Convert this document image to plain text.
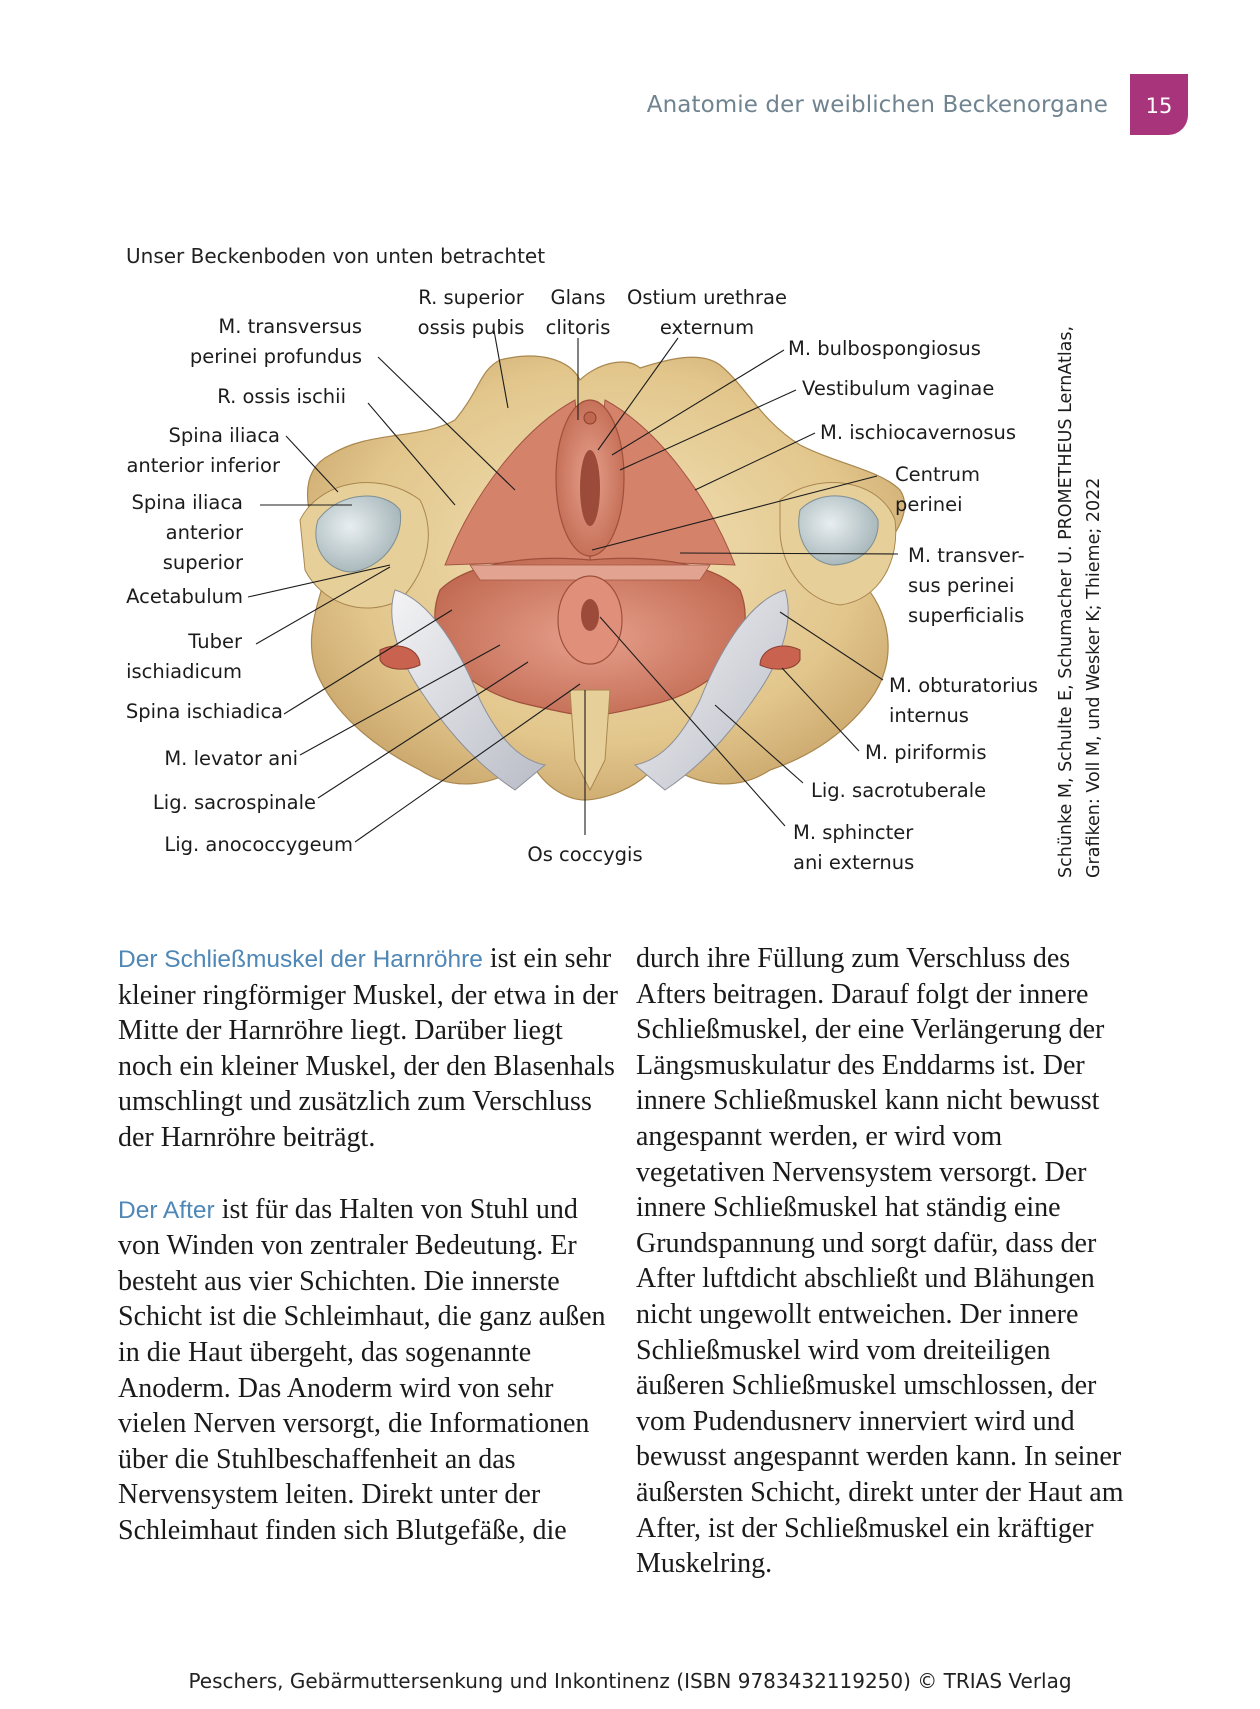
Anatomie der weiblichen Beckenorgane	15
Unser Beckenboden von unten betrachtet
R. superior
ossis pubis
Glans
clitoris
Ostium urethrae
externum
M. transversus
perinei profundus
R. ossis ischii
Spina iliaca
anterior inferior
Spina iliaca
anterior
superior
Acetabulum
Tuber
ischiadicum
Spina ischiadica
M. levator ani
Lig. sacrospinale
Lig. anococcygeum	Os coccygis
M. bulbospongiosus
Vestibulum vaginae
M. ischiocavernosus
Centrum
perinei
M. transver-
sus perinei
superficialis
M. obturatorius
internus
M. piriformis
Lig. sacrotuberale
M. sphincter
ani externus	Schünke M, Schulte E, Schumacher U. PROMETHEUS LernAtlas, Grafiken: Voll M, und Wesker K; Thieme; 2022

Der Schließmuskel der Harnröhre ist ein sehr kleiner ringförmiger Muskel, der etwa in der Mitte der Harnröhre liegt. Darüber liegt noch ein kleiner Muskel, der den Blasenhals umschlingt und zusätzlich zum Verschluss der Harnröhre beiträgt.

Der After ist für das Halten von Stuhl und von Winden von zentraler Bedeutung. Er besteht aus vier Schichten. Die innerste Schicht ist die Schleimhaut, die ganz außen in die Haut übergeht, das sogenannte Anoderm. Das Anoderm wird von sehr vielen Nerven versorgt, die Informationen über die Stuhlbeschaffenheit an das Nervensystem leiten. Direkt unter der Schleimhaut finden sich Blutgefäße, die

durch ihre Füllung zum Verschluss des Afters beitragen. Darauf folgt der innere Schließmuskel, der eine Verlängerung der Längsmuskulatur des Enddarms ist. Der innere Schließmuskel kann nicht bewusst angespannt werden, er wird vom vegetativen Nervensystem versorgt. Der innere Schließmuskel hat ständig eine Grundspannung und sorgt dafür, dass der After luftdicht abschließt und Blähungen nicht ungewollt entweichen. Der innere Schließmuskel wird vom dreiteiligen äußeren Schließmuskel umschlossen, der vom Pudendusnerv innerviert wird und bewusst angespannt werden kann. In seiner äußersten Schicht, direkt unter der Haut am After, ist der Schließmuskel ein kräftiger Muskelring.

Peschers, Gebärmuttersenkung und Inkontinenz (ISBN 9783432119250) © TRIAS Verlag
